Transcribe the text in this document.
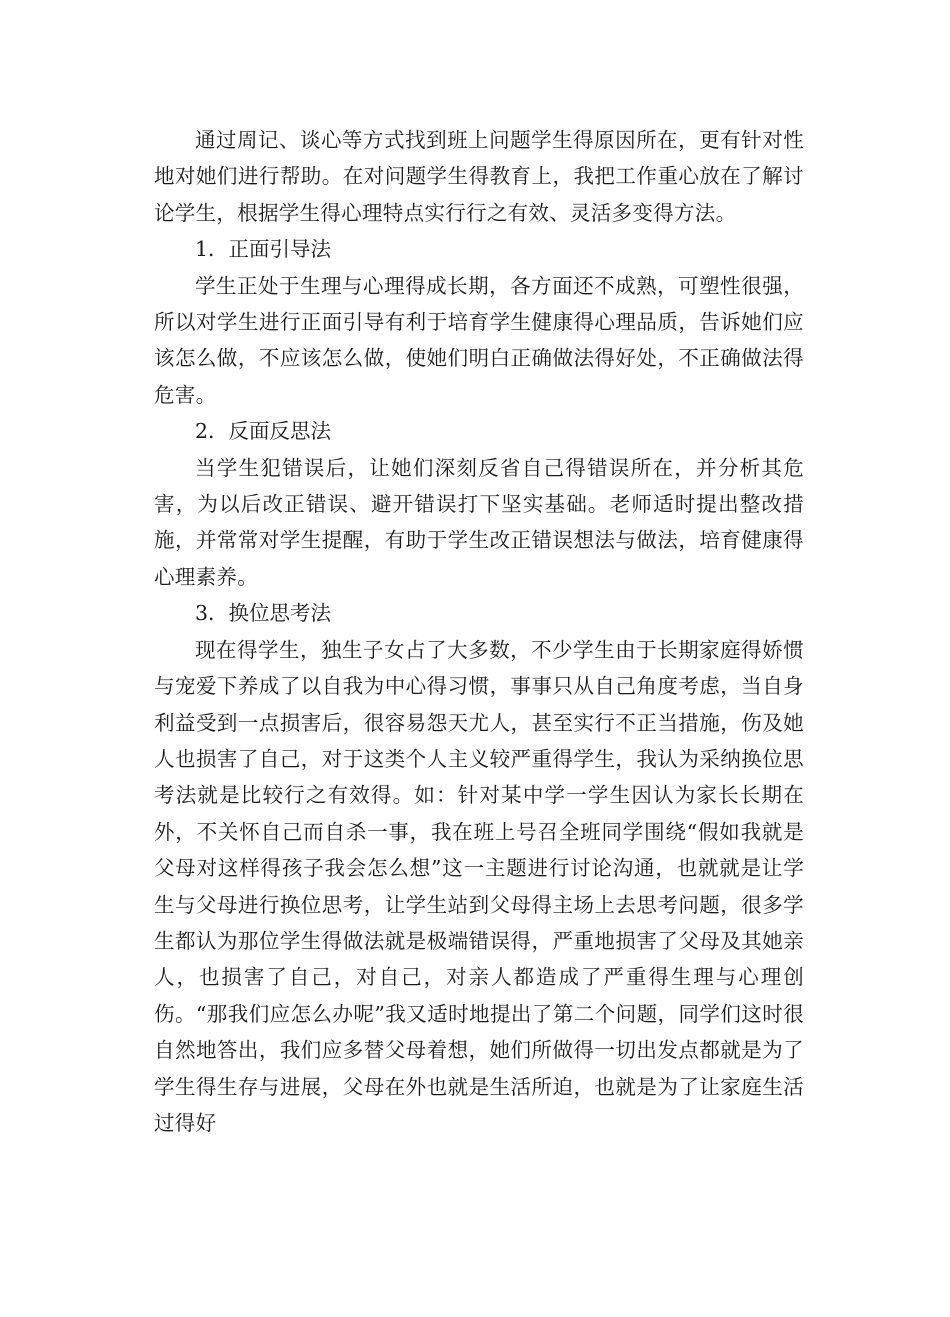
通过周记、谈心等方式找到班上问题学生得原因所在，更有针对性地对她们进行帮助。在对问题学生得教育上，我把工作重心放在了解讨论学生，根据学生得心理特点实行行之有效、灵活多变得方法。

1．正面引导法

学生正处于生理与心理得成长期，各方面还不成熟，可塑性很强，所以对学生进行正面引导有利于培育学生健康得心理品质，告诉她们应该怎么做，不应该怎么做，使她们明白正确做法得好处，不正确做法得危害。

2．反面反思法

当学生犯错误后，让她们深刻反省自己得错误所在，并分析其危害，为以后改正错误、避开错误打下坚实基础。老师适时提出整改措施，并常常对学生提醒，有助于学生改正错误想法与做法，培育健康得心理素养。

3．换位思考法

现在得学生，独生子女占了大多数，不少学生由于长期家庭得娇惯与宠爱下养成了以自我为中心得习惯，事事只从自己角度考虑，当自身利益受到一点损害后，很容易怨天尤人，甚至实行不正当措施，伤及她人也损害了自己，对于这类个人主义较严重得学生，我认为采纳换位思考法就是比较行之有效得。如：针对某中学一学生因认为家长长期在外，不关怀自己而自杀一事，我在班上号召全班同学围绕“假如我就是父母对这样得孩子我会怎么想”这一主题进行讨论沟通，也就就是让学生与父母进行换位思考，让学生站到父母得主场上去思考问题，很多学生都认为那位学生得做法就是极端错误得，严重地损害了父母及其她亲人，也损害了自己，对自己，对亲人都造成了严重得生理与心理创伤。“那我们应怎么办呢”我又适时地提出了第二个问题，同学们这时很自然地答出，我们应多替父母着想，她们所做得一切出发点都就是为了学生得生存与进展，父母在外也就是生活所迫，也就是为了让家庭生活过得好
